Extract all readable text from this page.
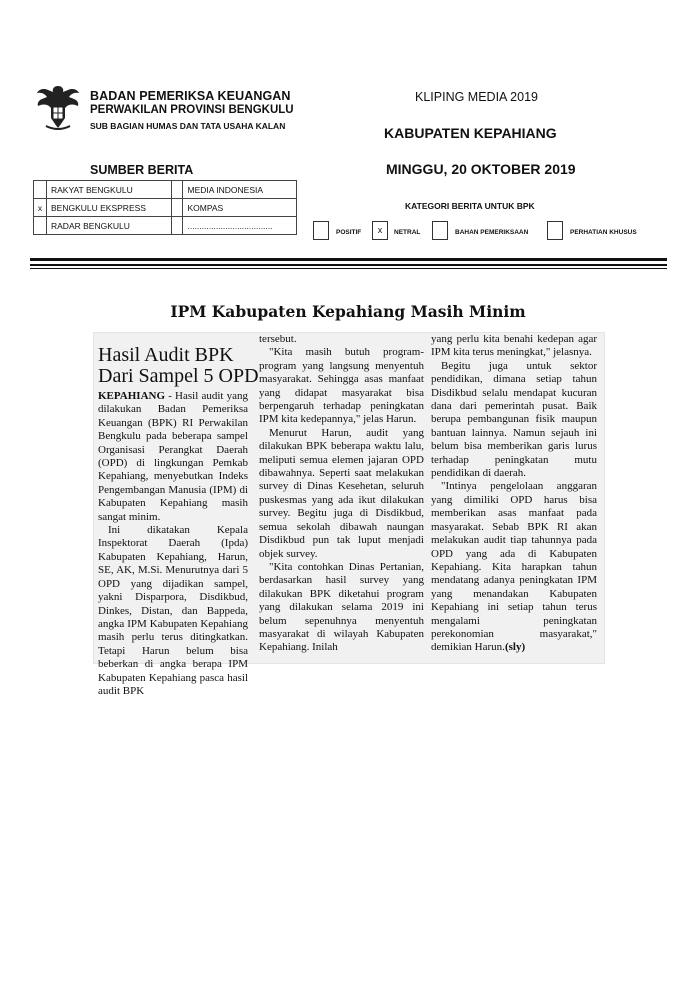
BADAN PEMERIKSA KEUANGAN
PERWAKILAN PROVINSI BENGKULU
SUB BAGIAN HUMAS DAN TATA USAHA KALAN
KLIPING MEDIA 2019
KABUPATEN KEPAHIANG
MINGGU, 20 OKTOBER 2019
SUMBER BERITA
	RAKYAT BENGKULU		MEDIA INDONESIA
x	BENGKULU EKSPRESS		KOMPAS
	RADAR BENGKULU		....................................
KATEGORI BERITA UNTUK BPK
POSITIF	x	NETRAL	BAHAN PEMERIKSAAN	PERHATIAN KHUSUS
IPM Kabupaten Kepahiang Masih Minim
Hasil Audit BPK Dari Sampel 5 OPD

KEPAHIANG - Hasil audit yang dilakukan Badan Pemeriksa Keuangan (BPK) RI Perwakilan Bengkulu pada beberapa sampel Organisasi Perangkat Daerah (OPD) di lingkungan Pemkab Kepahiang, menyebutkan Indeks Pengembangan Manusia (IPM) di Kabupaten Kepahiang masih sangat minim.

Ini dikatakan Kepala Inspektorat Daerah (Ipda) Kabupaten Kepahiang, Harun, SE, AK, M.Si. Menurutnya dari 5 OPD yang dijadikan sampel, yakni Disparpora, Disdikbud, Dinkes, Distan, dan Bappeda, angka IPM Kabupaten Kepahiang masih perlu terus ditingkatkan. Tetapi Harun belum bisa beberkan di angka berapa IPM Kabupaten Kepahiang pasca hasil audit BPK

tersebut.

"Kita masih butuh program-program yang langsung menyentuh masyarakat. Sehingga asas manfaat yang didapat masyarakat bisa berpengaruh terhadap peningkatan IPM kita kedepannya," jelas Harun.

Menurut Harun, audit yang dilakukan BPK beberapa waktu lalu, meliputi semua elemen jajaran OPD dibawahnya. Seperti saat melakukan survey di Dinas Kesehetan, seluruh puskesmas yang ada ikut dilakukan survey. Begitu juga di Disdikbud, semua sekolah dibawah naungan Disdikbud pun tak luput menjadi objek survey.

"Kita contohkan Dinas Pertanian, berdasarkan hasil survey yang dilakukan BPK diketahui program yang dilakukan selama 2019 ini belum sepenuhnya menyentuh masyarakat di wilayah Kabupaten Kepahiang. Inilah

yang perlu kita benahi kedepan agar IPM kita terus meningkat," jelasnya.

Begitu juga untuk sektor pendidikan, dimana setiap tahun Disdikbud selalu mendapat kucuran dana dari pemerintah pusat. Baik berupa pembangunan fisik maupun bantuan lainnya. Namun sejauh ini belum bisa memberikan garis lurus terhadap peningkatan mutu pendidikan di daerah.

"Intinya pengelolaan anggaran yang dimiliki OPD harus bisa memberikan asas manfaat pada masyarakat. Sebab BPK RI akan melakukan audit tiap tahunnya pada OPD yang ada di Kabupaten Kepahiang. Kita harapkan tahun mendatang adanya peningkatan IPM yang menandakan Kabupaten Kepahiang ini setiap tahun terus mengalami peningkatan perekonomian masyarakat," demikian Harun.(sly)
